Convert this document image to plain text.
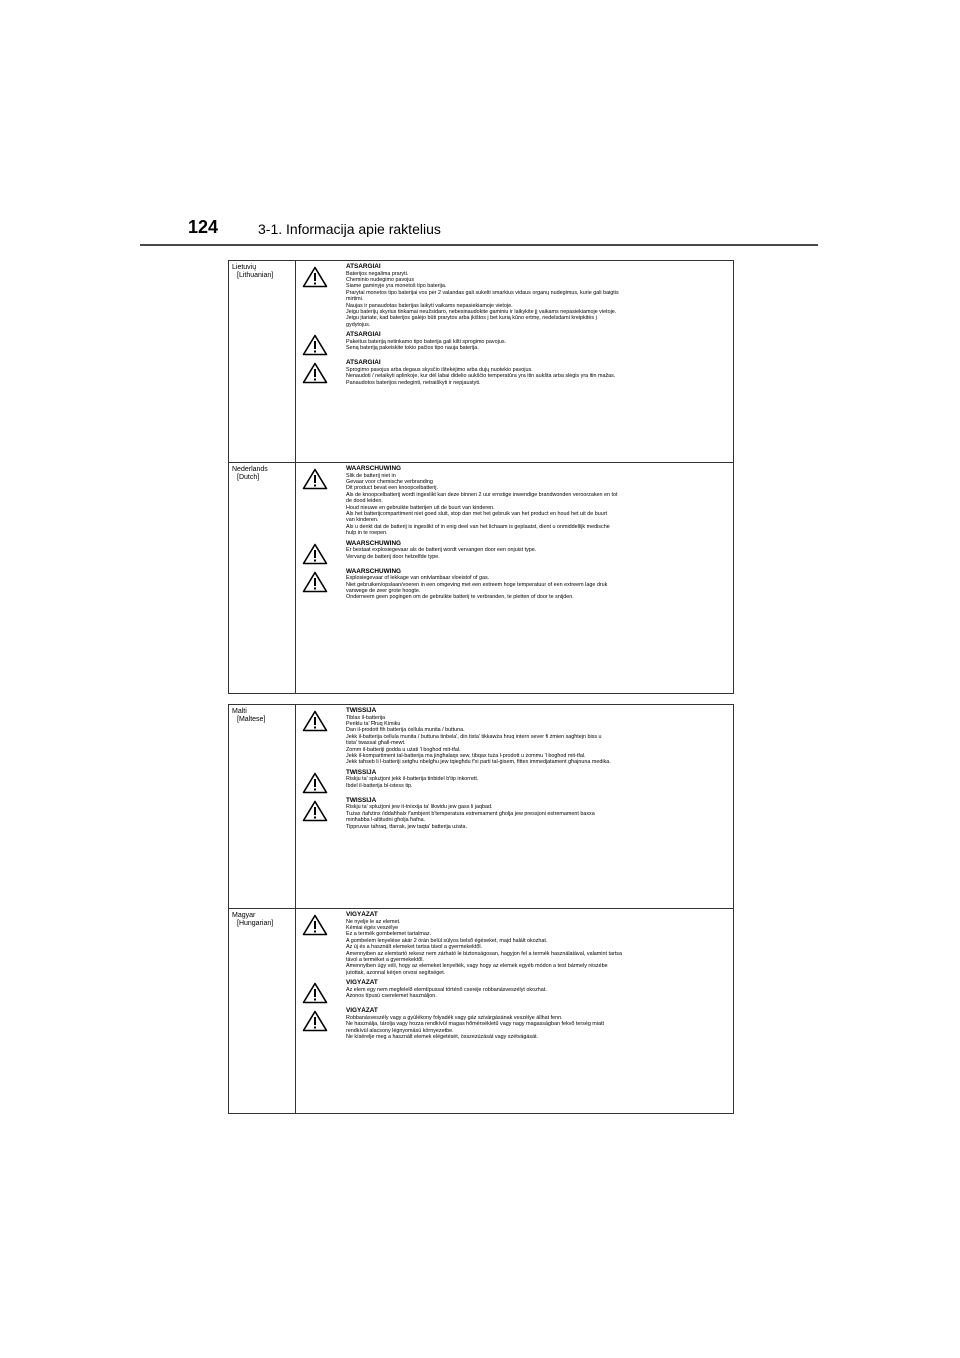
124	3-1. Informacija apie raktelius
Lietuvių
[Lithuanian]
ATSARGIAI
Baterijos negalima praryti.
Cheminio nudegimo pavojus
Šiame gaminyje yra monetoš tipo baterija.
Prarytai monetos tipo baterijai vos per 2 valandas gali sukelti smarkius vidaus organų nudegimus, kurie gali baigtis
mirtimi.
Naujas ir panaudotas baterijas laikyti vaikams nepasiekiamoje vietoje.
Jeigu baterijų skyrius tinkamai neužsidaro, nebesinaudokite gaminiu ir laikykite jį vaikams nepasiekiamoje vietoje.
Jeigu įtariate, kad baterijos galėjo būti prarytos arba įkištos į bet kurią kūno ertmę, nedelsdami kreipkitės į
gydytojus.
ATSARGIAI
Pakeitus bateriją netinkamo tipo baterija gali kilti sprogimo pavojus.
Seną bateriją pakeiskite tokio pačios tipo nauja baterija.
ATSARGIAI
Sprogimo pavojus arba degaus skysčio ištekėjimo arba dujų nuotekio pavojus.
Nenaudoti / nelaikyti aplinkoje, kur dėl labai didelio aukščio temperatūra yra itin aukšta arba slėgis yra itin mažas.
Panaudotos baterijos nedeginti, netraiškyti ir nepjaustyti.
Nederlands
[Dutch]
WAARSCHUWING
Slik de batterij niet in
Gevaar voor chemische verbranding
Dit product bevat een knoopcelbatterij.
Als de knoopcelbatterij wordt ingeslikt kan deze binnen 2 uur ernstige inwendige brandwonden veroorzaken en tot
de dood leiden.
Houd nieuwe en gebruikte batterijen uit de buurt van kinderen.
Als het batterijcompartiment niet goed sluit, stop dan met het gebruik van het product en houd het uit de buurt
van kinderen.
Als u denkt dat de batterij is ingeslikt of in enig deel van het lichaam is geplaatst, dient u onmiddellijk medische
hulp in te roepen.
WAARSCHUWING
Er bestaat explosiegevaar als de batterij wordt vervangen door een onjuist type.
Vervang de batterij door hetzelfde type.
WAARSCHUWING
Explosiegevaar of lekkage van ontvlambaar vloeistof of gas.
Niet gebruiken/opslaan/voeren in een omgeving met een extreem hoge temperatuur of een extreem lage druk
vanwege de zeer grote hoogte.
Onderneem geen pogingen om de gebruikte batterij te verbranden, te pletten of door te snijden.
Malti
[Maltese]
TWISSIJA
Tiblax il-batterija
Periklu ta' Ħruq Kimiku
Dan il-prodott fih batterija ċellula munita / buttuna.
Jekk il-batterija ċellula munita / buttuna tinbela', din tista' tikkawża ħruq intern sever fi żmien sagħtejn biss u
tista' twassal għall-mewt.
Żomm il-batteriji ġodda u użati 'l bogħod mit-tfal.
Jekk il-kompartiment tal-batterija ma jingħalaqx sew, tibqax tuża l-prodott u żommu 'l bogħod mit-tfal.
Jekk taħseb li l-batteriji setgħu nbelgħu jew tqiegħdu f'xi parti tal-ġisem, fittex immedjatament għajnuna medika.
TWISSIJA
Riskju ta' splużjoni jekk il-batterija tinbidel b'tip inkorrett.
Ibdel il-batterija bl-istess tip.
TWISSIJA
Riskju ta' splużjoni jew it-tnixxija ta' likwidu jew gass li jaqbad.
Tużax /taħżinx /iddaħħalx f'ambjent b'temperatura estremament għolja jew pressjoni estremament baxxa
minħabba l-altitudni għolja ħafna.
Tippruvax taħraq, tfarrak, jew taqta' batterija użata.
Magyar
[Hungarian]
VIGYÁZAT
Ne nyelje le az elemet.
Kémiai égés veszélye
Ez a termék gombelemet tartalmaz.
A gombelem lenyelése akár 2 órán belül súlyos belső égéseket, majd halált okozhat.
Az új és a használt elemeket tartsa távol a gyermekektől.
Amennyiben az elemtartó rekesz nem zárható le biztonságosan, hagyjon fel a termék használatával, valamint tartsa
távol a terméket a gyermekektől.
Amennyiben úgy véli, hogy az elemeket lenyelték, vagy hogy az elemek egyéb módon a test bármely részébe
jutottak, azonnal kérjen orvosi segítséget.
VIGYÁZAT
Az elem egy nem megfelelő elemtípussal történő cseréje robbanásveszélyt okozhat.
Azonos típusú cserelemet használjon.
VIGYÁZAT
Robbanásveszély vagy a gyúlékony folyadék vagy gáz szivárgásának veszélye állhat fenn.
Ne használja, tárolja vagy hozza rendkívül magas hőmérsékletű vagy nagy magasságban fekvő terség miatt
rendkívül alacsony légnyomású környezetbe.
Ne kísérelje meg a használt elemek elégetését, összezúzását vagy szétvágását.
